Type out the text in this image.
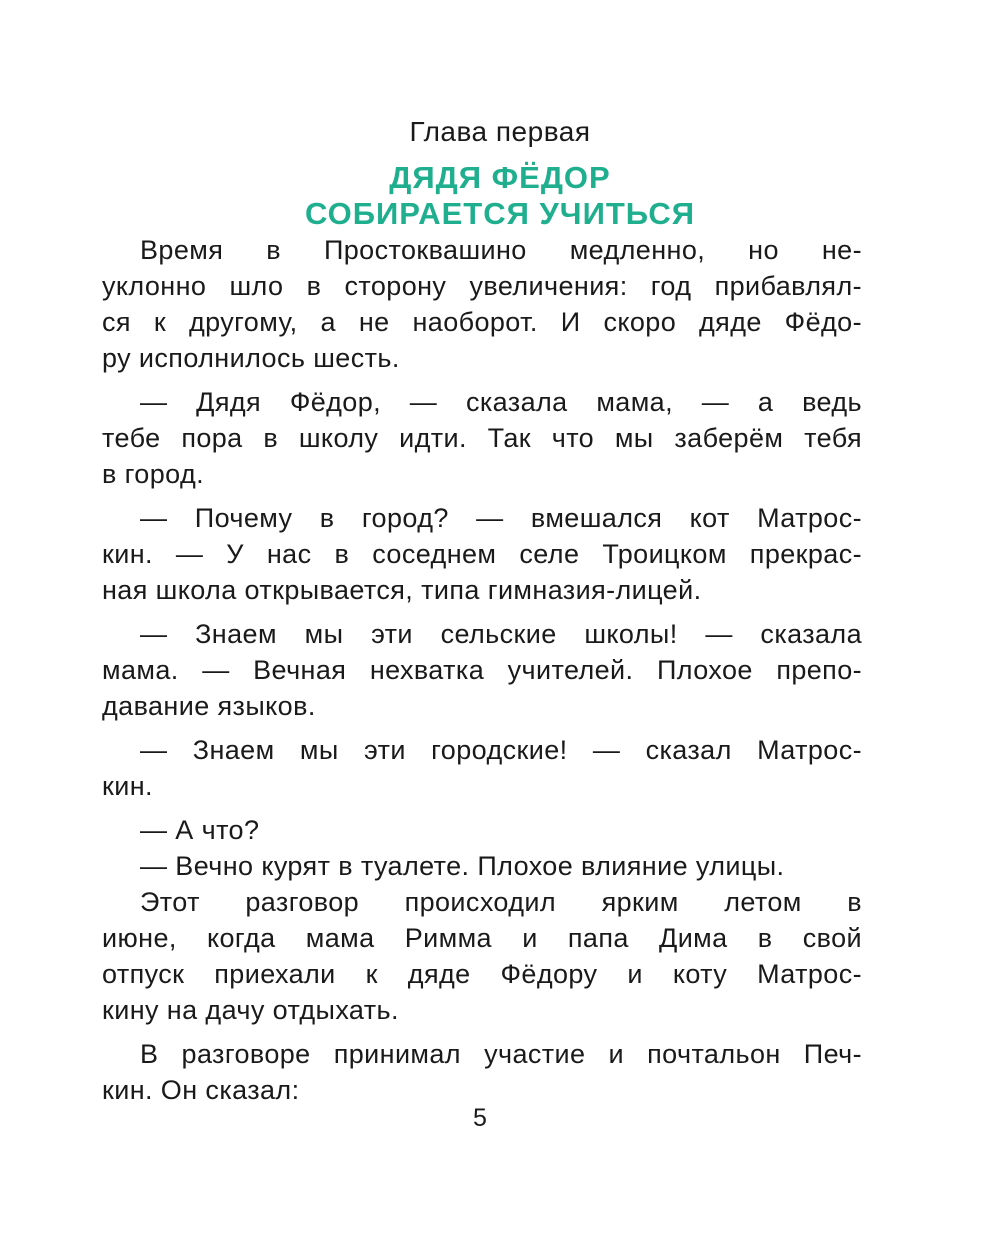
Глава первая
ДЯДЯ ФЁДОР
СОБИРАЕТСЯ УЧИТЬСЯ
Время в Простоквашино медленно, но не-
уклонно шло в сторону увеличения: год прибавлял-
ся к другому, а не наоборот. И скоро дяде Фёдо-
ру исполнилось шесть.
— Дядя Фёдор, — сказала мама, — а ведь
тебе пора в школу идти. Так что мы заберём тебя
в город.
— Почему в город? — вмешался кот Матрос-
кин. — У нас в соседнем селе Троицком прекрас-
ная школа открывается, типа гимназия-лицей.
— Знаем мы эти сельские школы! — сказала
мама. — Вечная нехватка учителей. Плохое препо-
давание языков.
— Знаем мы эти городские! — сказал Матрос-
кин.
— А что?
— Вечно курят в туалете. Плохое влияние улицы.
Этот разговор происходил ярким летом в
июне, когда мама Римма и папа Дима в свой
отпуск приехали к дяде Фёдору и коту Матрос-
кину на дачу отдыхать.
В разговоре принимал участие и почтальон Печ-
кин. Он сказал:
5
